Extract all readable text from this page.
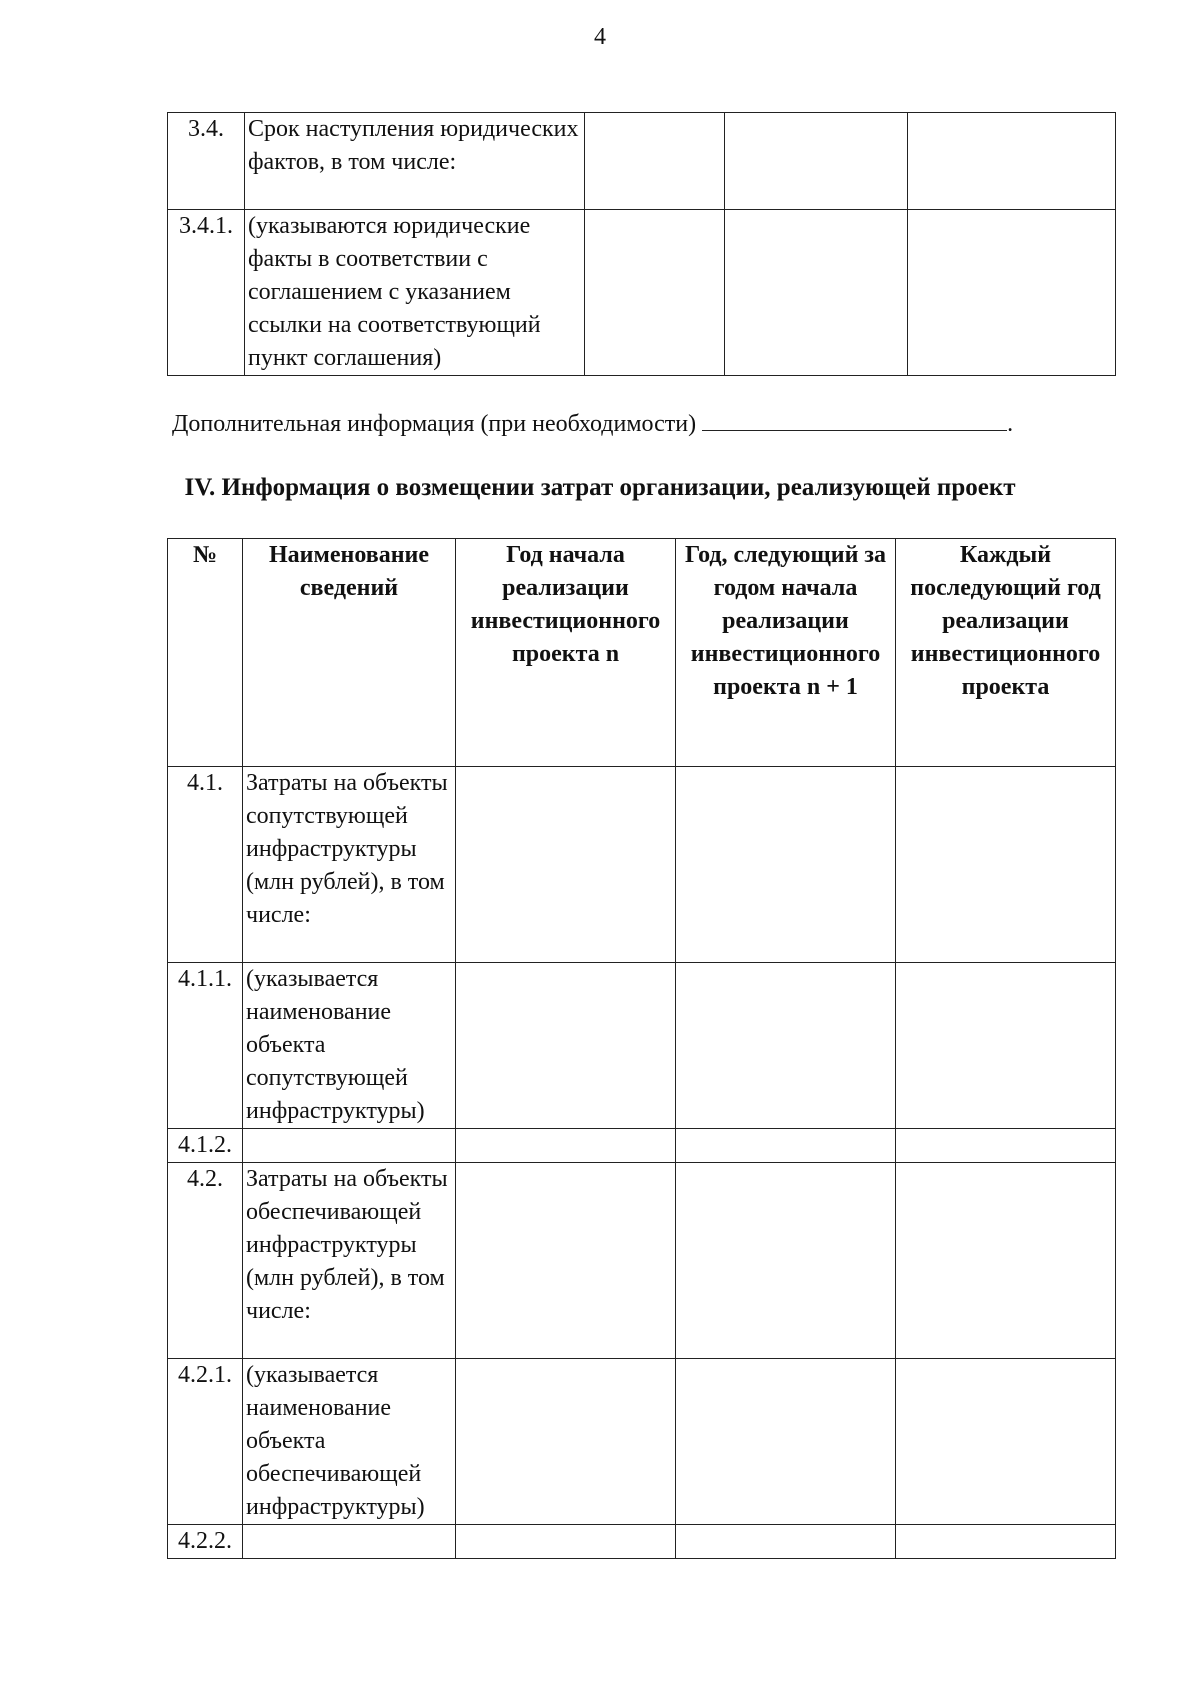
4
3.4.	Срок наступления юридических фактов, в том числе:			
3.4.1.	(указываются юридические факты в соответствии с соглашением с указанием ссылки на соответствующий пункт соглашения)			
Дополнительная информация (при необходимости)	.
IV. Информация о возмещении затрат организации, реализующей проект
№	Наименование сведений	Год начала реализации инвестиционного проекта n	Год, следующий за годом начала реализации инвестиционного проекта n + 1	Каждый последующий год реализации инвестиционного проекта
4.1.	Затраты на объекты сопутствующей инфраструктуры (млн рублей), в том числе:			
4.1.1.	(указывается наименование объекта сопутствующей инфраструктуры)			
4.1.2.				
4.2.	Затраты на объекты обеспечивающей инфраструктуры (млн рублей), в том числе:			
4.2.1.	(указывается наименование объекта обеспечивающей инфраструктуры)			
4.2.2.				
